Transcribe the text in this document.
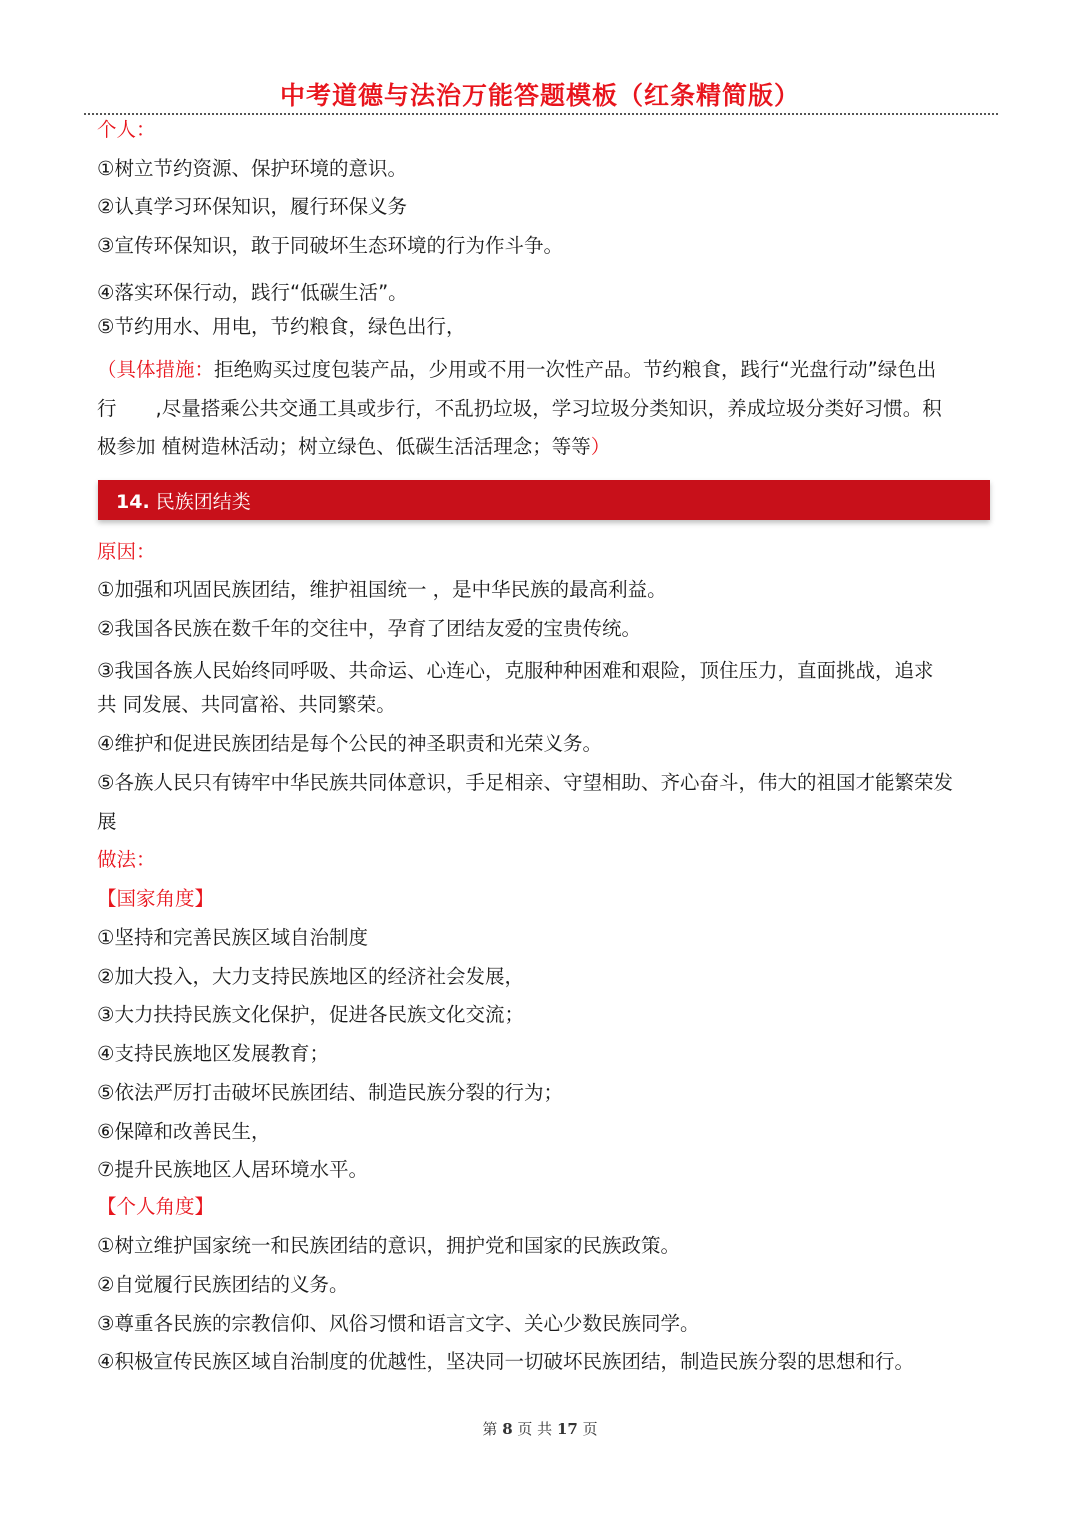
中考道德与法治万能答题模板（红条精简版）
个人：
①树立节约资源、保护环境的意识。
②认真学习环保知识，履行环保义务
③宣传环保知识，敢于同破坏生态环境的行为作斗争。
④落实环保行动，践行“低碳生活”。
⑤节约用水、用电，节约粮食，绿色出行，
（具体措施：拒绝购买过度包装产品，少用或不用一次性产品。节约粮食，践行“光盘行动”绿色出
行　　,尽量搭乘公共交通工具或步行，不乱扔垃圾，学习垃圾分类知识，养成垃圾分类好习惯。积
极参加 植树造林活动；树立绿色、低碳生活活理念；等等）
14. 民族团结类
原因：
①加强和巩固民族团结，维护祖国统一 ，是中华民族的最高利益。
②我国各民族在数千年的交往中，孕育了团结友爱的宝贵传统。
③我国各族人民始终同呼吸、共命运、心连心，克服种种困难和艰险，顶住压力，直面挑战，追求
共 同发展、共同富裕、共同繁荣。
④维护和促进民族团结是每个公民的神圣职责和光荣义务。
⑤各族人民只有铸牢中华民族共同体意识，手足相亲、守望相助、齐心奋斗，伟大的祖国才能繁荣发
展
做法：
【国家角度】
①坚持和完善民族区域自治制度
②加大投入，大力支持民族地区的经济社会发展，
③大力扶持民族文化保护，促进各民族文化交流；
④支持民族地区发展教育；
⑤依法严厉打击破坏民族团结、制造民族分裂的行为；
⑥保障和改善民生，
⑦提升民族地区人居环境水平。
【个人角度】
①树立维护国家统一和民族团结的意识，拥护党和国家的民族政策。
②自觉履行民族团结的义务。
③尊重各民族的宗教信仰、风俗习惯和语言文字、关心少数民族同学。
④积极宣传民族区域自治制度的优越性，坚决同一切破坏民族团结，制造民族分裂的思想和行。
第 8 页 共 17 页
